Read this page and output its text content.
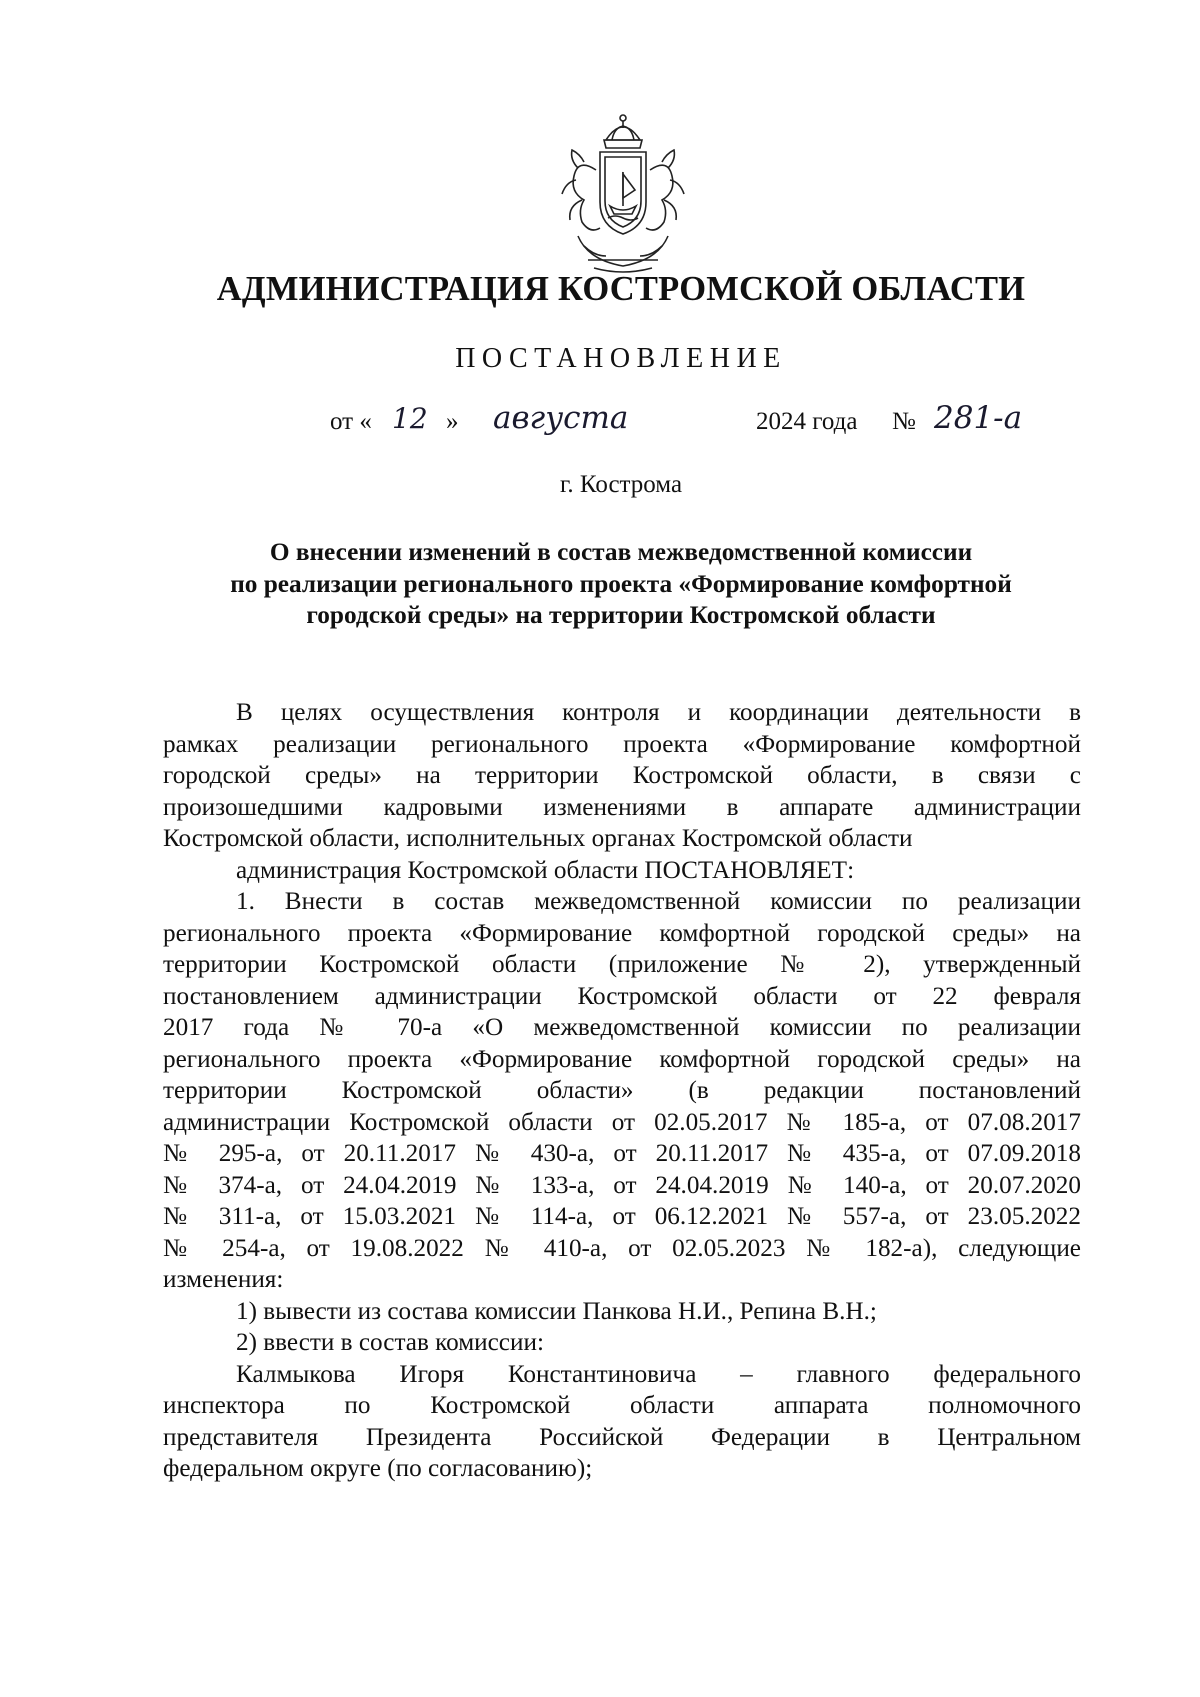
АДМИНИСТРАЦИЯ КОСТРОМСКОЙ ОБЛАСТИ
ПОСТАНОВЛЕНИЕ
от « 12 » августа	2024 года № 281-а
г. Кострома
О внесении изменений в состав межведомственной комиссии
по реализации регионального проекта «Формирование комфортной
городской среды» на территории Костромской области
В целях осуществления контроля и координации деятельности в
рамках реализации регионального проекта «Формирование комфортной
городской среды» на территории Костромской области, в связи с
произошедшими кадровыми изменениями в аппарате администрации
Костромской области, исполнительных органах Костромской области
администрация Костромской области ПОСТАНОВЛЯЕТ:
1. Внести в состав межведомственной комиссии по реализации
регионального проекта «Формирование комфортной городской среды» на
территории Костромской области (приложение № 2), утвержденный
постановлением администрации Костромской области от 22 февраля
2017 года № 70-а «О межведомственной комиссии по реализации
регионального проекта «Формирование комфортной городской среды» на
территории Костромской области» (в редакции постановлений
администрации Костромской области от 02.05.2017 № 185-а, от 07.08.2017
№ 295-а, от 20.11.2017 № 430-а, от 20.11.2017 № 435-а, от 07.09.2018
№ 374-а, от 24.04.2019 № 133-а, от 24.04.2019 № 140-а, от 20.07.2020
№ 311-а, от 15.03.2021 № 114-а, от 06.12.2021 № 557-а, от 23.05.2022
№ 254-а, от 19.08.2022 № 410-а, от 02.05.2023 № 182-а), следующие
изменения:
1) вывести из состава комиссии Панкова Н.И., Репина В.Н.;
2) ввести в состав комиссии:
Калмыкова Игоря Константиновича – главного федерального
инспектора по Костромской области аппарата полномочного
представителя Президента Российской Федерации в Центральном
федеральном округе (по согласованию);
